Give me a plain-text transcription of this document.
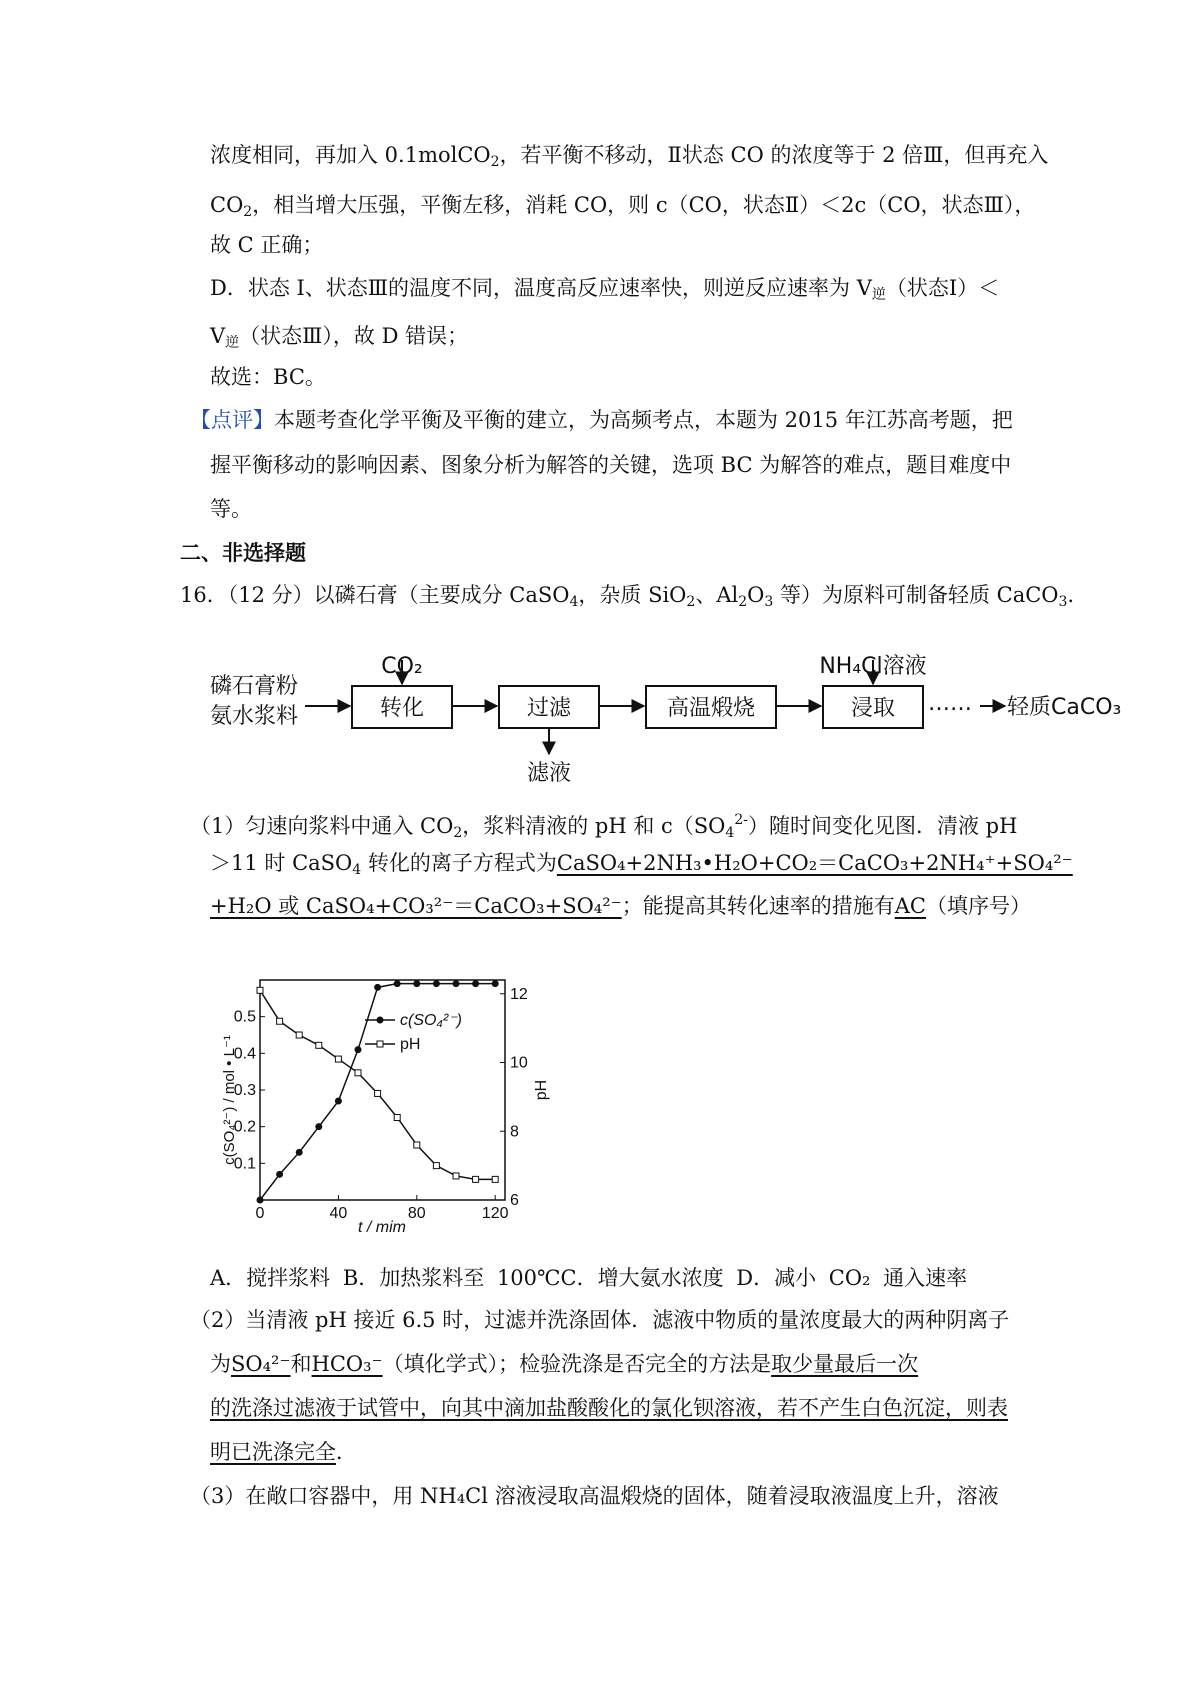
浓度相同，再加入 0.1molCO$_2$，若平衡不移动，Ⅱ状态 CO 的浓度等于 2 倍Ⅲ，但再充入
$CO_2$，相当增大压强，平衡左移，消耗 CO，则 c（CO，状态Ⅱ）＜2c（CO，状态Ⅲ），
故 C 正确；
D．状态 I、状态Ⅲ的温度不同，温度高反应速率快，则逆反应速率为 $V_逆$（状态Ⅰ）＜
$V_逆$（状态Ⅲ），故 D 错误；
故选：BC。
【点评】本题考查化学平衡及平衡的建立，为高频考点，本题为 2015 年江苏高考题，把
握平衡移动的影响因素、图象分析为解答的关键，选项 BC 为解答的难点，题目难度中
等。
二、非选择题
16．（12 分）以磷石膏（主要成分 CaSO$_4$，杂质 SiO$_2$、$Al_2O_3$ 等）为原料可制备轻质 CaCO$_3$．
磷石膏粉
氨水浆料	转化
CO₂
过滤
滤液
高温煅烧	浸取
NH₄Cl溶液
…… 轻质CaCO₃
（1）匀速向浆料中通入 $CO_2$，浆料清液的 pH 和 $c(SO_4^{2﻿-})$随时间变化见图．清液 pH
＞11 时 CaSO$_4$ 转化的离子方程式为CaSO₄+2NH₃•H₂O+CO₂＝CaCO₃+2NH₄⁺+SO₄²⁻
+H₂O 或 CaSO₄+CO₃²⁻＝CaCO₃+SO₄²⁻；能提高其转化速率的措施有AC（填序号）
0	40	80	120
0.1
0.2
0.3
0.4
0.5
6
8
10
12
t / mim
c(SO₄²⁻) / mol • L⁻¹	pH
c(SO₄²⁻)
pH
A．搅拌浆料 B．加热浆料至 100℃C．增大氨水浓度 D．减小 CO₂ 通入速率
（2）当清液 pH 接近 6.5 时，过滤并洗涤固体．滤液中物质的量浓度最大的两种阴离子
为SO₄²⁻和HCO₃⁻（填化学式）；检验洗涤是否完全的方法是取少量最后一次
的洗涤过滤液于试管中，向其中滴加盐酸酸化的氯化钡溶液，若不产生白色沉淀，则表
明已洗涤完全．
（3）在敞口容器中，用 NH₄Cl 溶液浸取高温煅烧的固体，随着浸取液温度上升，溶液
